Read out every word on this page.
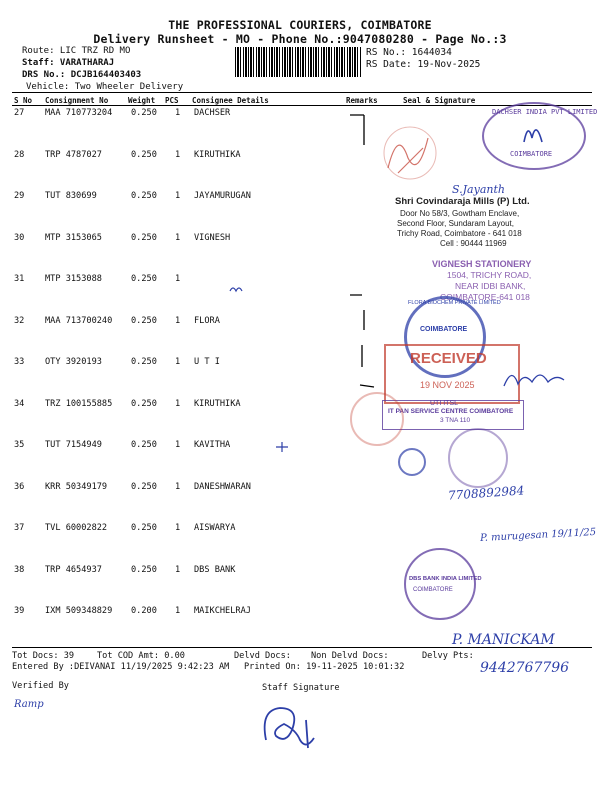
THE PROFESSIONAL COURIERS, COIMBATORE
Delivery Runsheet - MO - Phone No.:9047080280 - Page No.:3
Route: LIC TRZ RD MO
Staff: VARATHARAJ
DRS No.: DCJB164403403
Vehicle: Two Wheeler Delivery
RS No.: 1644034
RS Date: 19-Nov-2025
S No Consignment No	Weight PCS Consignee Details	Remarks	Seal & Signature
27 MAA 710773204 0.250 1 DACHSER
28 TRP 4787027	0.250 1 KIRUTHIKA
29 TUT 830699	0.250 1 JAYAMURUGAN
30 MTP 3153065	0.250 1 VIGNESH
31 MTP 3153088	0.250 1
32 MAA 713700240 0.250 1 FLORA
33 OTY 3920193	0.250 1 U T I
34 TRZ 100155885 0.250 1 KIRUTHIKA
35 TUT 7154949	0.250 1 KAVITHA
36 KRR 50349179	0.250 1 DANESHWARAN
37 TVL 60002822	0.250 1 AISWARYA
38 TRP 4654937	0.250 1 DBS BANK
39 IXM 509348829 0.200 1 MAIKCHELRAJ
Tot Docs: 39	Tot COD Amt: 0.00	Delvd Docs: Non Delvd Docs:	Delvy Pts:
Entered By :DEIVANAI 11/19/2025 9:42:23 AM Printed On: 19-11-2025 10:01:32
Verified By	Staff Signature
DACHSER INDIA PVT LIMITED
COIMBATORE
S.Jayanth
Shri Covindaraja Mills (P) Ltd.
Door No 58/3, Gowtham Enclave,
Second Floor, Sundaram Layout,
Trichy Road, Coimbatore - 641 018
Cell : 90444 11969
VIGNESH STATIONERY
1504, TRICHY ROAD,
NEAR IDBI BANK,
COIMBATORE-641 018
COIMBATORE
FLORA BIOCHEM PRIVATE LIMITED
RECEIVED
19 NOV 2025
UTI ITSL
IT PAN SERVICE CENTRE COIMBATORE
3 TNA 110
7708892984
P. murugesan 19/11/25
DBS BANK INDIA LIMITED
COIMBATORE
P. MANICKAM
9442767796
Ramp
